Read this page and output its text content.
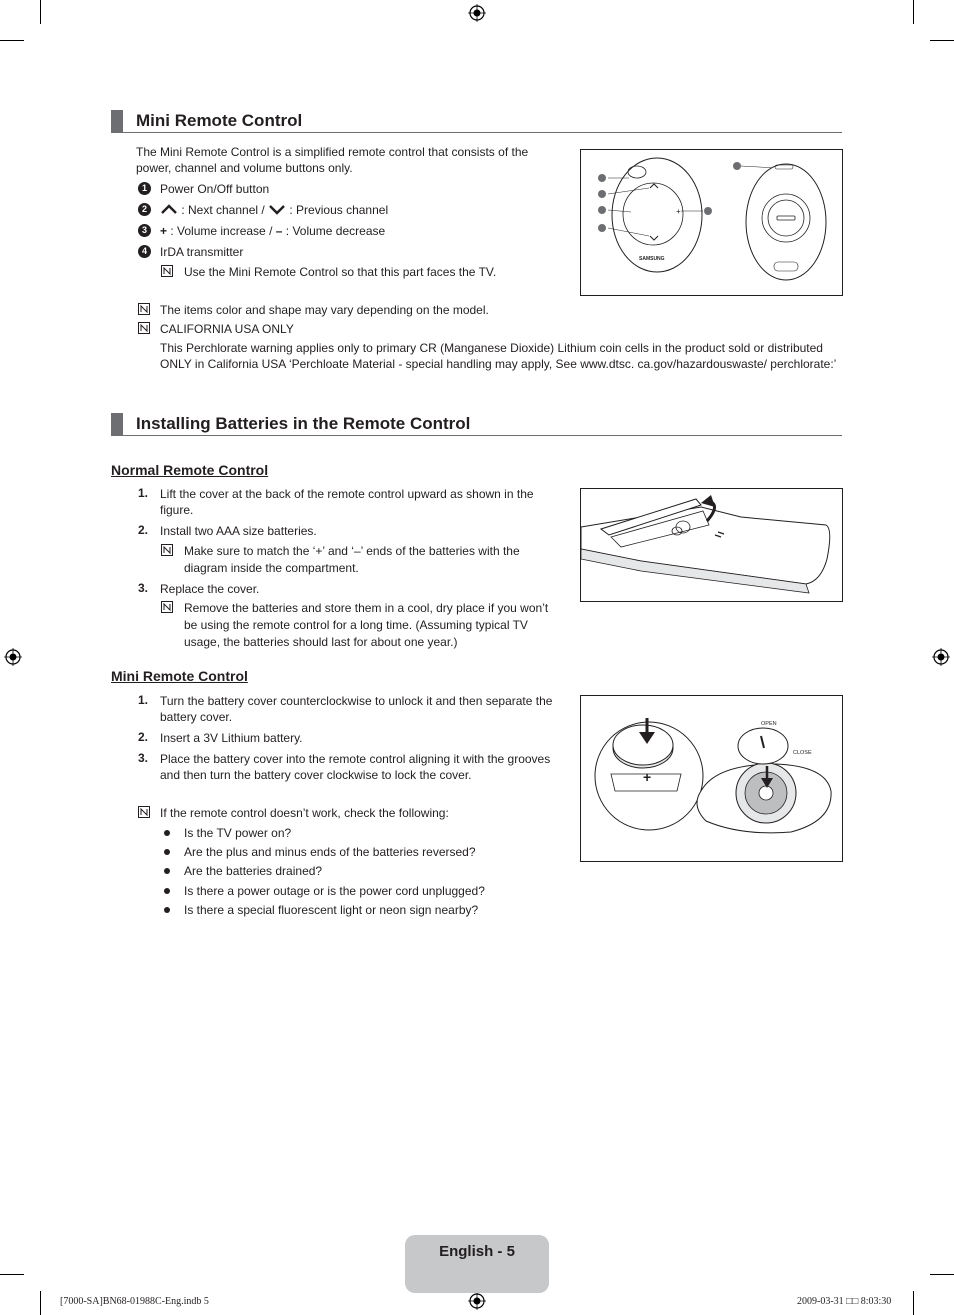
Mini Remote Control
The Mini Remote Control is a simplified remote control that consists of the power, channel and volume buttons only.
1	Power On/Off button
2	: Next channel /  : Previous channel
3	+ : Volume increase / – : Volume decrease
4	IrDA transmitter
Use the Mini Remote Control so that this part faces the TV.
The items color and shape may vary depending on the model.
CALIFORNIA USA ONLY
This Perchlorate warning applies only to primary CR (Manganese Dioxide) Lithium coin cells in the product sold or distributed ONLY in California USA ‘Perchloate Material - special handling may apply, See www.dtsc. ca.gov/hazardouswaste/ perchlorate:’
+
SAMSUNG
Installing Batteries in the Remote Control
Normal Remote Control
1. Lift the cover at the back of the remote control upward as shown in the figure.
2. Install two AAA size batteries.
Make sure to match the ‘+’ and ‘–’ ends of the batteries with the diagram inside the compartment.
3. Replace the cover.
Remove the batteries and store them in a cool, dry place if you won’t be using the remote control for a long time. (Assuming typical TV usage, the batteries should last for about one year.)
Mini Remote Control
1. Turn the battery cover counterclockwise to unlock it and then separate the battery cover.
2. Insert a 3V Lithium battery.
3. Place the battery cover into the remote control aligning it with the grooves and then turn the battery cover clockwise to lock the cover.	+
OPEN
CLOSE
If the remote control doesn’t work, check the following:
Is the TV power on?
Are the plus and minus ends of the batteries reversed?
Are the batteries drained?
Is there a power outage or is the power cord unplugged?
Is there a special fluorescent light or neon sign nearby?
English - 5
[7000-SA]BN68-01988C-Eng.indb 5	2009-03-31 □□ 8:03:30
